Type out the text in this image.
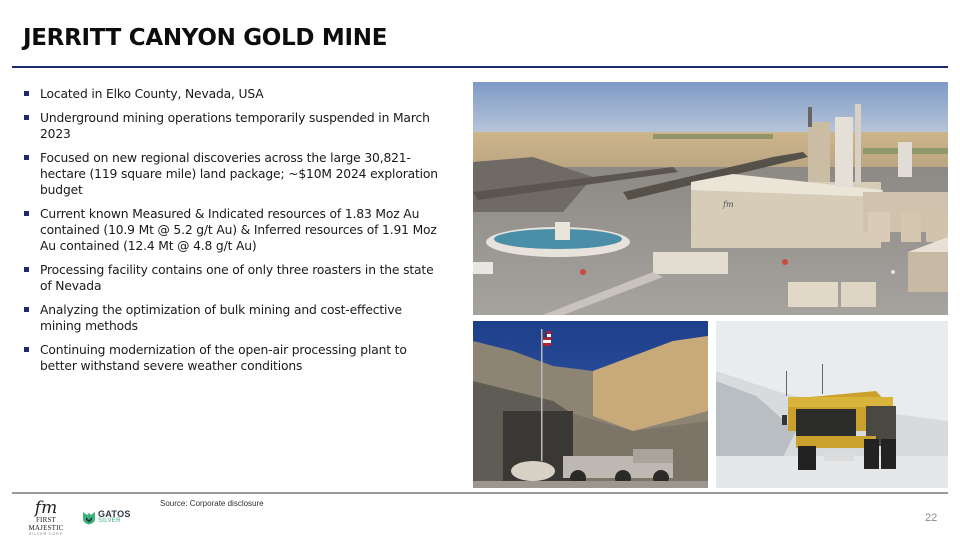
JERRITT CANYON GOLD MINE
Located in Elko County, Nevada, USA
Underground mining operations temporarily suspended in March 2023
Focused on new regional discoveries across the large 30,821-hectare (119 square mile) land package; ~$10M 2024 exploration budget
Current known Measured & Indicated resources of 1.83 Moz Au contained (10.9 Mt @ 5.2 g/t Au) & Inferred resources of 1.91 Moz Au contained (12.4 Mt @ 4.8 g/t Au)
Processing facility contains one of only three roasters in the state of Nevada
Analyzing the optimization of bulk mining and cost-effective mining methods
Continuing modernization of the open-air processing plant to better withstand severe weather conditions
fm
fm
FIRST MAJESTIC
SILVER CORP
GATOS
SILVER
Source: Corporate disclosure
22
